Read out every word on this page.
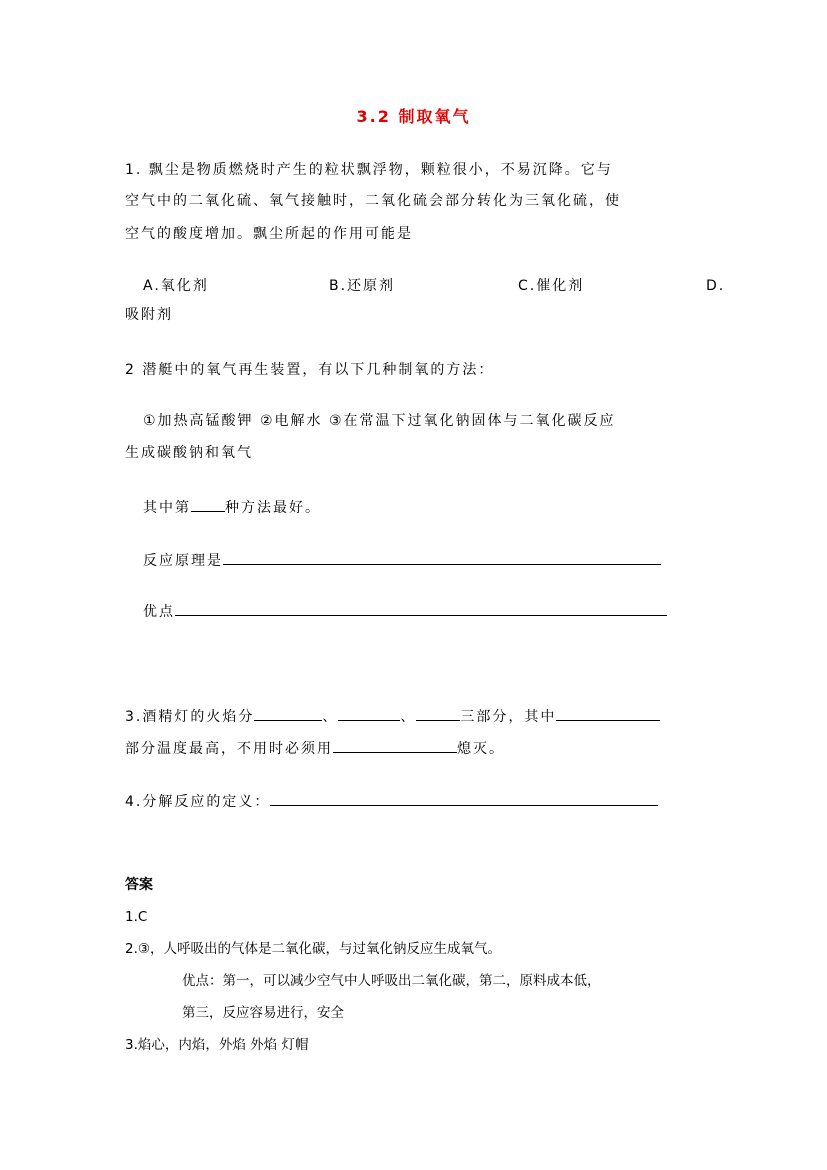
3.2 制取氧气
1. 飘尘是物质燃烧时产生的粒状飘浮物，颗粒很小，不易沉降。它与
空气中的二氧化硫、氧气接触时，二氧化硫会部分转化为三氧化硫，使
空气的酸度增加。飘尘所起的作用可能是
A.氧化剂	B.还原剂	C.催化剂	D.
吸附剂
2 潜艇中的氧气再生装置，有以下几种制氧的方法：
①加热高锰酸钾 ②电解水 ③在常温下过氧化钠固体与二氧化碳反应
生成碳酸钠和氧气
其中第 种方法最好。
反应原理是
优点
3.酒精灯的火焰分	、	、	三部分，其中
部分温度最高，不用时必须用	熄灭。
4.分解反应的定义：
答案
1.C
2.③，人呼吸出的气体是二氧化碳，与过氧化钠反应生成氧气。
优点：第一，可以减少空气中人呼吸出二氧化碳，第二，原料成本低，
第三，反应容易进行，安全
3.焰心，内焰，外焰 外焰 灯帽
